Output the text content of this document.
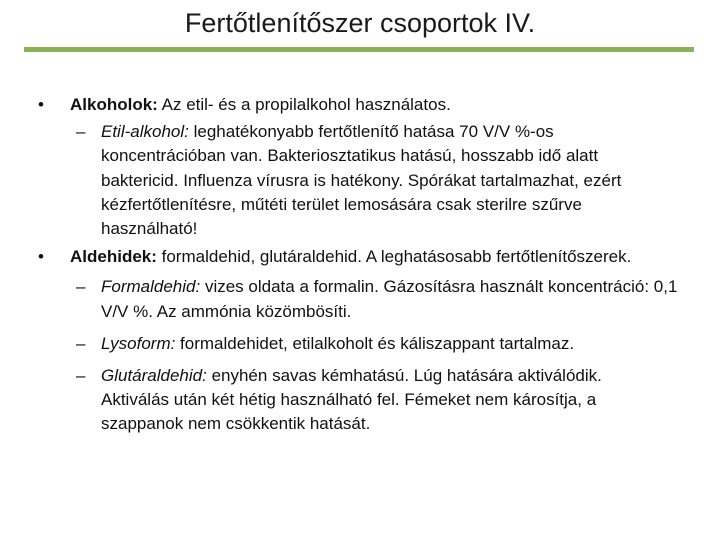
Fertőtlenítőszer csoportok IV.
• Alkoholok: Az etil- és a propilalkohol használatos.
– Etil-alkohol: leghatékonyabb fertőtlenítő hatása 70 V/V %-os koncentrációban van. Bakteriosztatikus hatású, hosszabb idő alatt baktericid. Influenza vírusra is hatékony. Spórákat tartalmazhat, ezért kézfertőtlenítésre, műtéti terület lemosására csak sterilre szűrve használható!
• Aldehidek: formaldehid, glutáraldehid. A leghatásosabb fertőtlenítőszerek.
– Formaldehid: vizes oldata a formalin. Gázosításra használt koncentráció: 0,1 V/V %. Az ammónia közömbösíti.
– Lysoform: formaldehidet, etilalkoholt és káliszappant tartalmaz.
– Glutáraldehid: enyhén savas kémhatású. Lúg hatására aktiválódik. Aktiválás után két hétig használható fel. Fémeket nem károsítja, a szappanok nem csökkentik hatását.
